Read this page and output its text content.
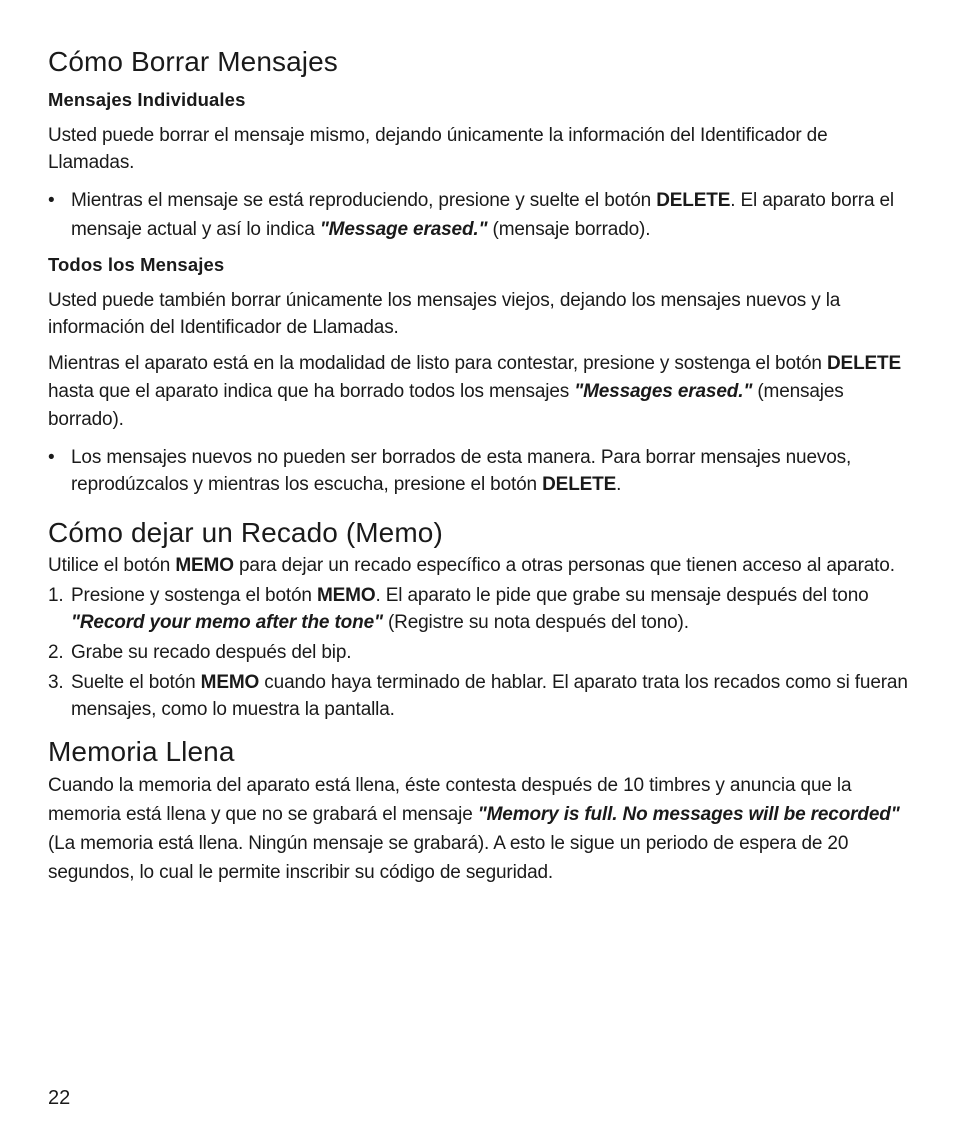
Cómo Borrar Mensajes
Mensajes Individuales

Usted puede borrar el mensaje mismo, dejando únicamente la información del Identificador de Llamadas.

• Mientras el mensaje se está reproduciendo, presione y suelte el botón DELETE. El aparato borra el mensaje actual y así lo indica "Message erased." (mensaje borrado).

Todos los Mensajes

Usted puede también borrar únicamente los mensajes viejos, dejando los mensajes nuevos y la información del Identificador de Llamadas.

Mientras el aparato está en la modalidad de listo para contestar, presione y sostenga el botón DELETE hasta que el aparato indica que ha borrado todos los mensajes "Messages erased." (mensajes borrado).

• Los mensajes nuevos no pueden ser borrados de esta manera. Para borrar mensajes nuevos, reprodúzcalos y mientras los escucha, presione el botón DELETE.

Cómo dejar un Recado (Memo)

Utilice el botón MEMO para dejar un recado específico a otras personas que tienen acceso al aparato.

1. Presione y sostenga el botón MEMO. El aparato le pide que grabe su mensaje después del tono "Record your memo after the tone" (Registre su nota después del tono).

2. Grabe su recado después del bip.

3. Suelte el botón MEMO cuando haya terminado de hablar. El aparato trata los recados como si fueran mensajes, como lo muestra la pantalla.

Memoria Llena

Cuando la memoria del aparato está llena, éste contesta después de 10 timbres y anuncia que la memoria está llena y que no se grabará el mensaje "Memory is full. No messages will be recorded" (La memoria está llena. Ningún mensaje se grabará). A esto le sigue un periodo de espera de 20 segundos, lo cual le permite inscribir su código de seguridad.

22
